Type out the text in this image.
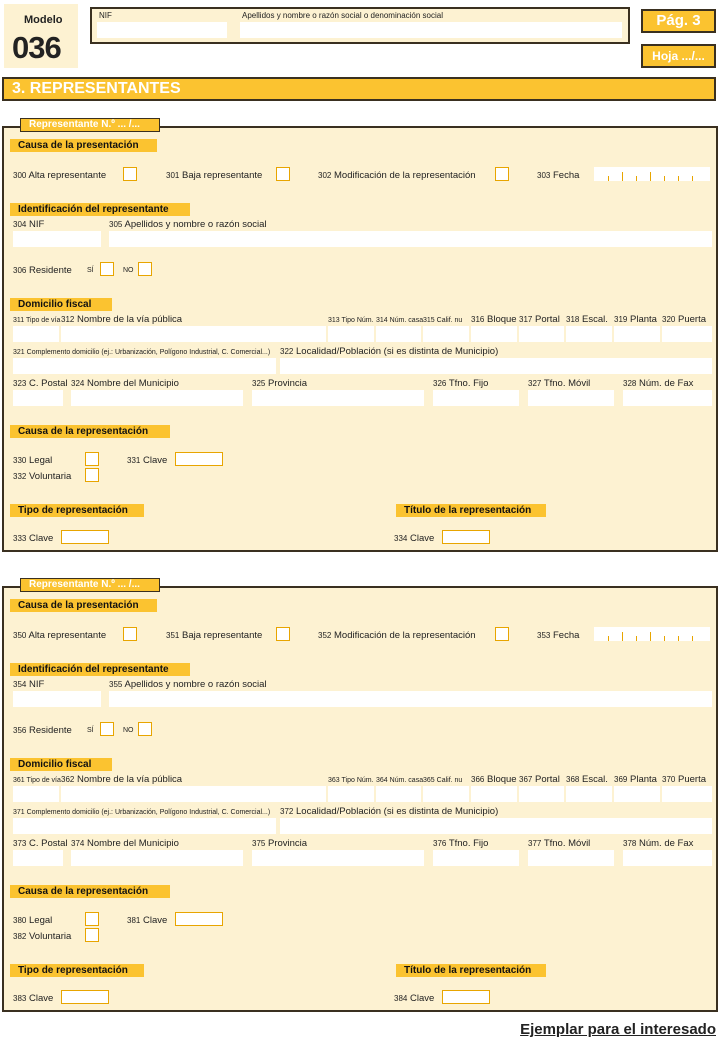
Modelo
036
NIF	Apellidos y nombre o razón social o denominación social	Pág. 3
Hoja .../...
3. REPRESENTANTES
Causa de la presentación
300 Alta representante	301 Baja representante	302 Modificación de la representación	303 Fecha
Identificación del representante
304 NIF	305 Apellidos y nombre o razón social
306 Residente SÍ	NO
Domicilio fiscal
311 Tipo de vía 312 Nombre de la vía pública	313 Tipo Núm. 314 Núm. casa 315 Calif. nu 316 Bloque 317 Portal 318 Escal. 319 Planta 320 Puerta
321 Complemento domicilio (ej.: Urbanización, Polígono Industrial, C. Comercial...) 322 Localidad/Población (si es distinta de Municipio)
323 C. Postal 324 Nombre del Municipio	325 Provincia	326 Tfno. Fijo	327 Tfno. Móvil	328 Núm. de Fax
Causa de la representación
330 Legal	331 Clave
332 Voluntaria
Tipo de representación
333 Clave
Título de la representación
334 Clave
Representante N.º ... /...
Causa de la presentación
350 Alta representante	351 Baja representante	352 Modificación de la representación	353 Fecha
Identificación del representante
354 NIF	355 Apellidos y nombre o razón social
356 Residente SÍ	NO
Domicilio fiscal
361 Tipo de vía 362 Nombre de la vía pública	363 Tipo Núm. 364 Núm. casa 365 Calif. nu 366 Bloque 367 Portal 368 Escal. 369 Planta 370 Puerta
371 Complemento domicilio (ej.: Urbanización, Polígono Industrial, C. Comercial...) 372 Localidad/Población (si es distinta de Municipio)
373 C. Postal 374 Nombre del Municipio	375 Provincia	376 Tfno. Fijo	377 Tfno. Móvil	378 Núm. de Fax
Causa de la representación
380 Legal	381 Clave
382 Voluntaria
Tipo de representación
383 Clave
Título de la representación
384 Clave
Representante N.º ... /...
Ejemplar para el interesado
